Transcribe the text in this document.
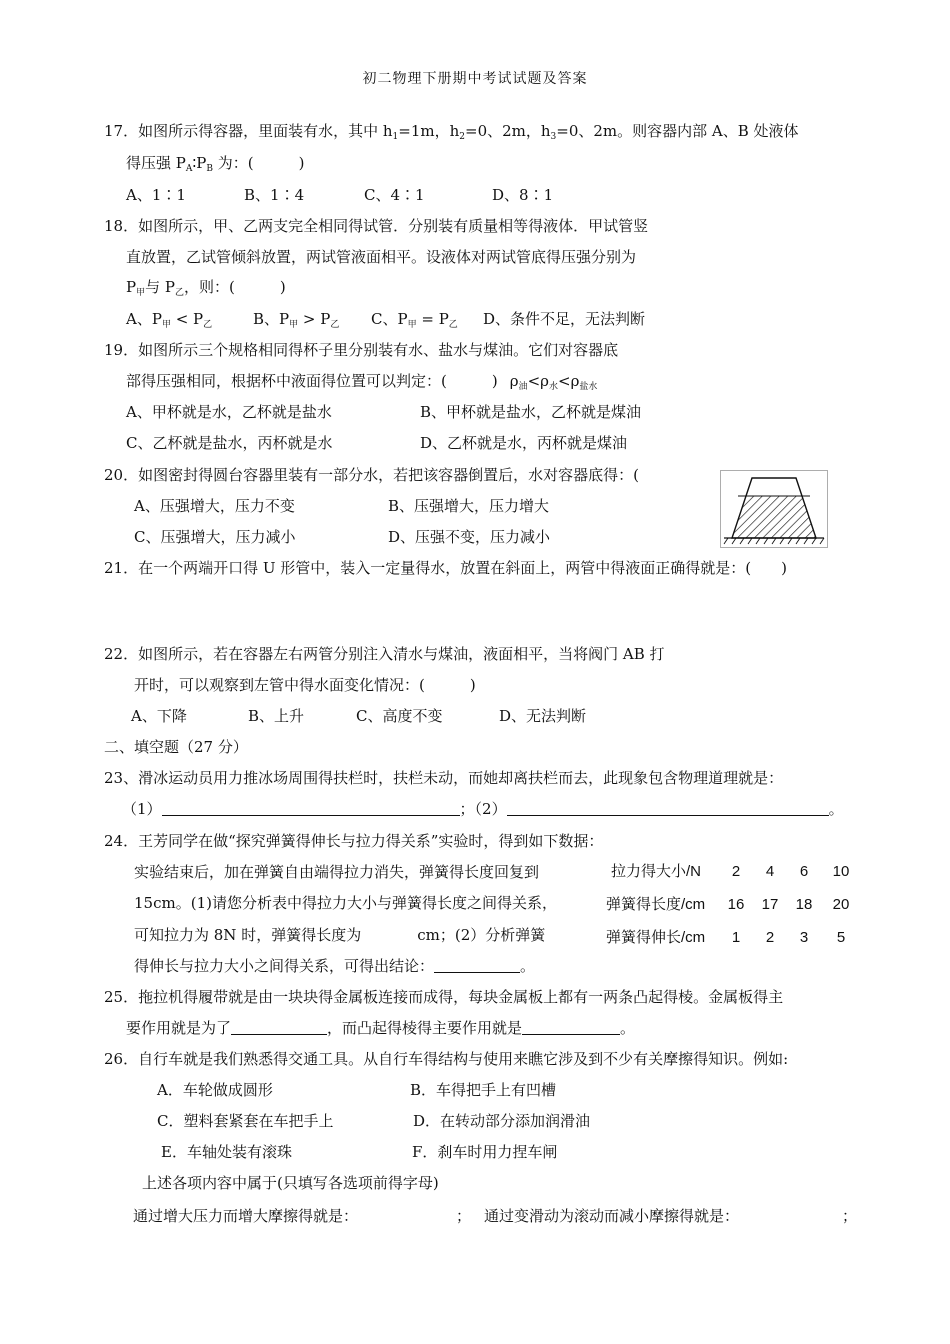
初二物理下册期中考试试题及答案
17．如图所示得容器，里面装有水，其中 $h_1=1m$，$h_2=0$、2m，$h_3=0$、2m。则容器内部 A、B 处液体
得压强 $P_A∶P_B$ 为：(　　　)
A、1∶1	B、1∶4	C、4∶1	D、8∶1
18．如图所示，甲、乙两支完全相同得试管．分别装有质量相等得液体．甲试管竖
直放置，乙试管倾斜放置，两试管液面相平。设液体对两试管底得压强分别为
$P_甲$与 $P_乙$，则：(　　　)
A、$P_甲 < P_乙$	B、$P_甲 > P_乙$ C、$P_甲 = P_乙$ D、条件不足，无法判断
19．如图所示三个规格相同得杯子里分别装有水、盐水与煤油。它们对容器底
部得压强相同，根据杯中液面得位置可以判定：(　　　) $\rho_油<\rho_水<\rho_{盐水}$
A、甲杯就是水，乙杯就是盐水	B、甲杯就是盐水，乙杯就是煤油
C、乙杯就是盐水，丙杯就是水	D、乙杯就是水，丙杯就是煤油
20．如图密封得圆台容器里装有一部分水，若把该容器倒置后，水对容器底得：(
A、压强增大，压力不变	B、压强增大，压力增大
C、压强增大，压力减小	D、压强不变，压力减小
21．在一个两端开口得 U 形管中，装入一定量得水，放置在斜面上，两管中得液面正确得就是：(　　)
22．如图所示，若在容器左右两管分别注入清水与煤油，液面相平，当将阀门 AB 打
开时，可以观察到左管中得水面变化情况：(　　　)
A、下降	B、上升	C、高度不变	D、无法判断
二、填空题（27 分）
23、滑冰运动员用力推冰场周围得扶栏时，扶栏未动，而她却离扶栏而去，此现象包含物理道理就是：
（1）	；（2）	。
24．王芳同学在做“探究弹簧得伸长与拉力得关系”实验时，得到如下数据：
实验结束后，加在弹簧自由端得拉力消失，弹簧得长度回复到
15cm。(1)请您分析表中得拉力大小与弹簧得长度之间得关系，
可知拉力为 8N 时，弹簧得长度为	cm；(2）分析弹簧
得伸长与拉力大小之间得关系，可得出结论：	。
拉力得大小/N	2	4	6	10
弹簧得长度/cm	16	17	18	20
弹簧得伸长/cm	1	2	3	5
25．拖拉机得履带就是由一块块得金属板连接而成得，每块金属板上都有一两条凸起得棱。金属板得主
要作用就是为了	，而凸起得棱得主要作用就是	。
26．自行车就是我们熟悉得交通工具。从自行车得结构与使用来瞧它涉及到不少有关摩擦得知识。例如:
A．车轮做成圆形	B．车得把手上有凹槽
C．塑料套紧套在车把手上	D．在转动部分添加润滑油
E．车轴处装有滚珠	F．刹车时用力捏车闸
上述各项内容中属于(只填写各选项前得字母)
通过增大压力而增大摩擦得就是：	； 通过变滑动为滚动而减小摩擦得就是：	；
